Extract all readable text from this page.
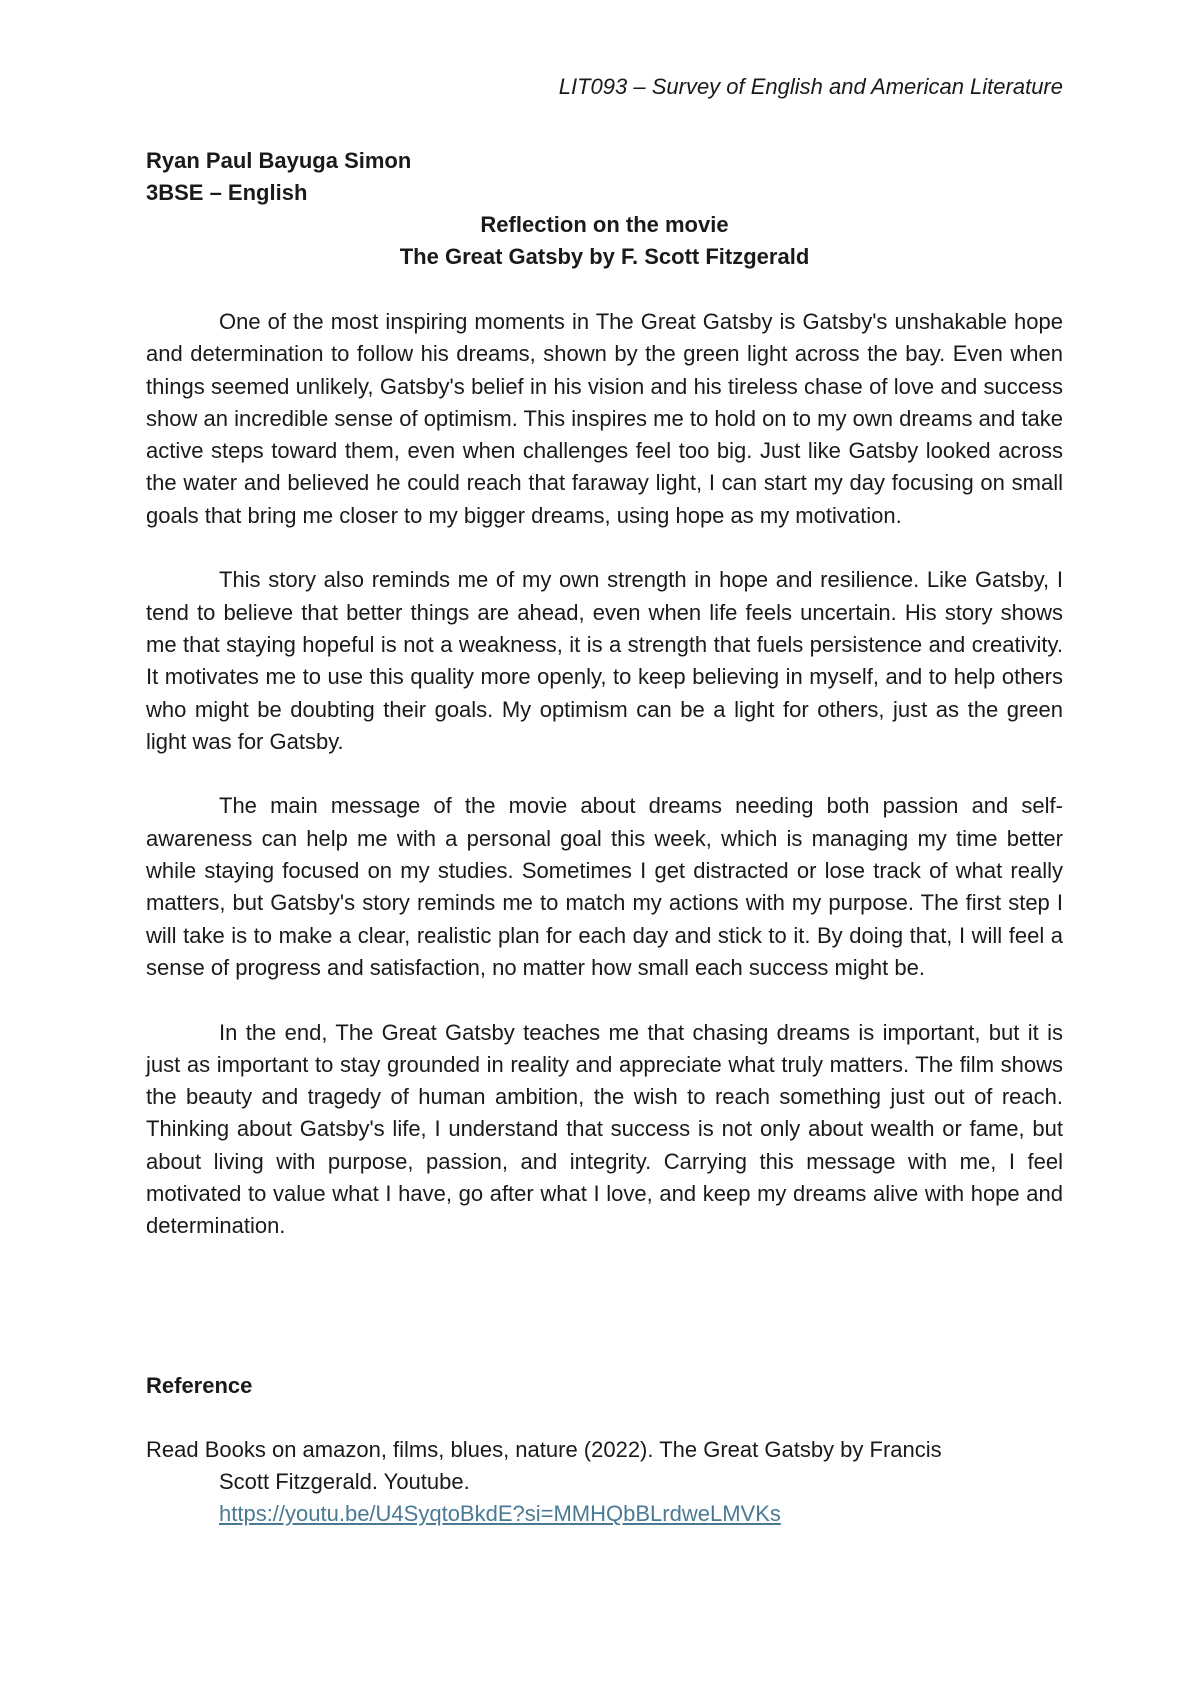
LIT093 – Survey of English and American Literature
Ryan Paul Bayuga Simon
3BSE – English
Reflection on the movie
The Great Gatsby by F. Scott Fitzgerald

One of the most inspiring moments in The Great Gatsby is Gatsby's unshakable hope and determination to follow his dreams, shown by the green light across the bay. Even when things seemed unlikely, Gatsby's belief in his vision and his tireless chase of love and success show an incredible sense of optimism. This inspires me to hold on to my own dreams and take active steps toward them, even when challenges feel too big. Just like Gatsby looked across the water and believed he could reach that faraway light, I can start my day focusing on small goals that bring me closer to my bigger dreams, using hope as my motivation.

This story also reminds me of my own strength in hope and resilience. Like Gatsby, I tend to believe that better things are ahead, even when life feels uncertain. His story shows me that staying hopeful is not a weakness, it is a strength that fuels persistence and creativity. It motivates me to use this quality more openly, to keep believing in myself, and to help others who might be doubting their goals. My optimism can be a light for others, just as the green light was for Gatsby.

The main message of the movie about dreams needing both passion and self-awareness can help me with a personal goal this week, which is managing my time better while staying focused on my studies. Sometimes I get distracted or lose track of what really matters, but Gatsby's story reminds me to match my actions with my purpose. The first step I will take is to make a clear, realistic plan for each day and stick to it. By doing that, I will feel a sense of progress and satisfaction, no matter how small each success might be.

In the end, The Great Gatsby teaches me that chasing dreams is important, but it is just as important to stay grounded in reality and appreciate what truly matters. The film shows the beauty and tragedy of human ambition, the wish to reach something just out of reach. Thinking about Gatsby's life, I understand that success is not only about wealth or fame, but about living with purpose, passion, and integrity. Carrying this message with me, I feel motivated to value what I have, go after what I love, and keep my dreams alive with hope and determination.

Reference
Read Books on amazon, films, blues, nature (2022). The Great Gatsby by Francis
Scott Fitzgerald. Youtube.
https://youtu.be/U4SyqtoBkdE?si=MMHQbBLrdweLMVKs
